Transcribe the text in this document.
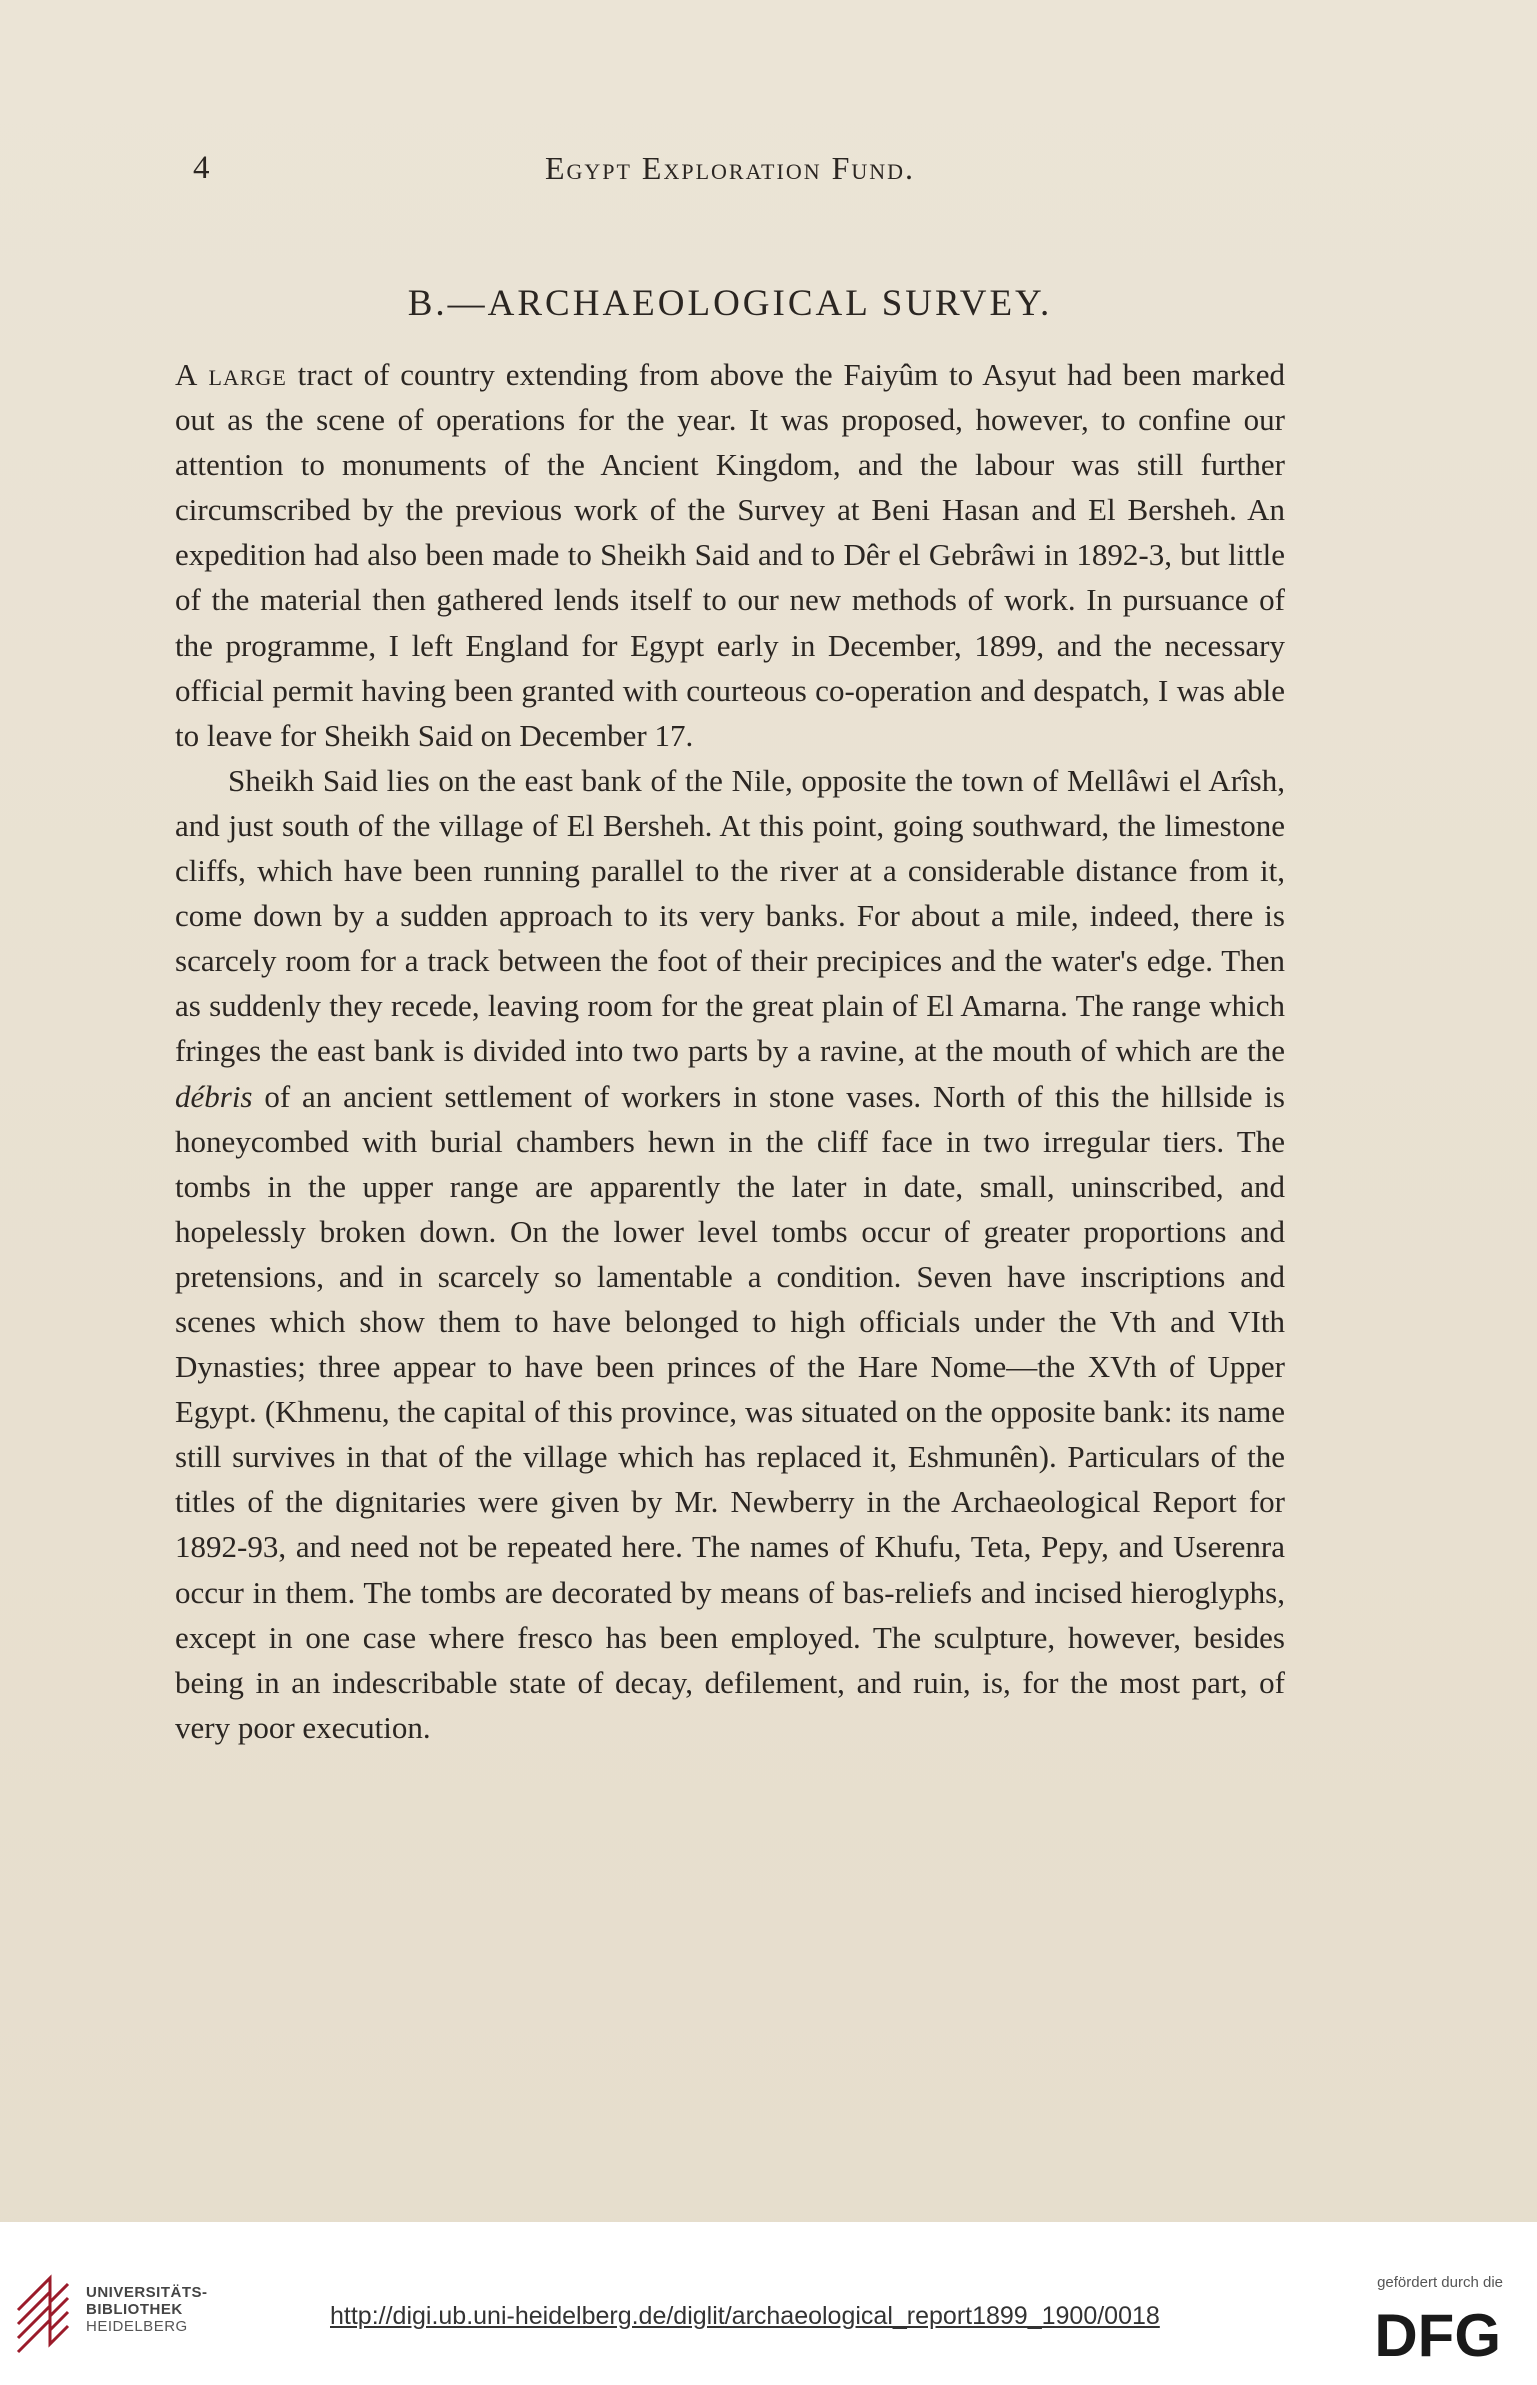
4	Egypt Exploration Fund.
B.—ARCHAEOLOGICAL SURVEY.

A large tract of country extending from above the Faiyûm to Asyut had been marked out as the scene of operations for the year. It was proposed, however, to confine our attention to monuments of the Ancient Kingdom, and the labour was still further circumscribed by the previous work of the Survey at Beni Hasan and El Bersheh. An expedition had also been made to Sheikh Said and to Dêr el Gebrâwi in 1892-3, but little of the material then gathered lends itself to our new methods of work. In pursuance of the programme, I left England for Egypt early in December, 1899, and the necessary official permit having been granted with courteous co-operation and despatch, I was able to leave for Sheikh Said on December 17.

Sheikh Said lies on the east bank of the Nile, opposite the town of Mellâwi el Arîsh, and just south of the village of El Bersheh. At this point, going southward, the limestone cliffs, which have been running parallel to the river at a considerable distance from it, come down by a sudden approach to its very banks. For about a mile, indeed, there is scarcely room for a track between the foot of their precipices and the water's edge. Then as suddenly they recede, leaving room for the great plain of El Amarna. The range which fringes the east bank is divided into two parts by a ravine, at the mouth of which are the débris of an ancient settlement of workers in stone vases. North of this the hillside is honeycombed with burial chambers hewn in the cliff face in two irregular tiers. The tombs in the upper range are apparently the later in date, small, uninscribed, and hopelessly broken down. On the lower level tombs occur of greater proportions and pretensions, and in scarcely so lamentable a condition. Seven have inscriptions and scenes which show them to have belonged to high officials under the Vth and VIth Dynasties; three appear to have been princes of the Hare Nome—the XVth of Upper Egypt. (Khmenu, the capital of this province, was situated on the opposite bank: its name still survives in that of the village which has replaced it, Eshmunên). Particulars of the titles of the dignitaries were given by Mr. Newberry in the Archaeological Report for 1892-93, and need not be repeated here. The names of Khufu, Teta, Pepy, and Userenra occur in them. The tombs are decorated by means of bas-reliefs and incised hieroglyphs, except in one case where fresco has been employed. The sculpture, however, besides being in an indescribable state of decay, defilement, and ruin, is, for the most part, of very poor execution.

UNIVERSITÄTS-
BIBLIOTHEK
HEIDELBERG	http://digi.ub.uni-heidelberg.de/diglit/archaeological_report1899_1900/0018
gefördert durch die
DFG
